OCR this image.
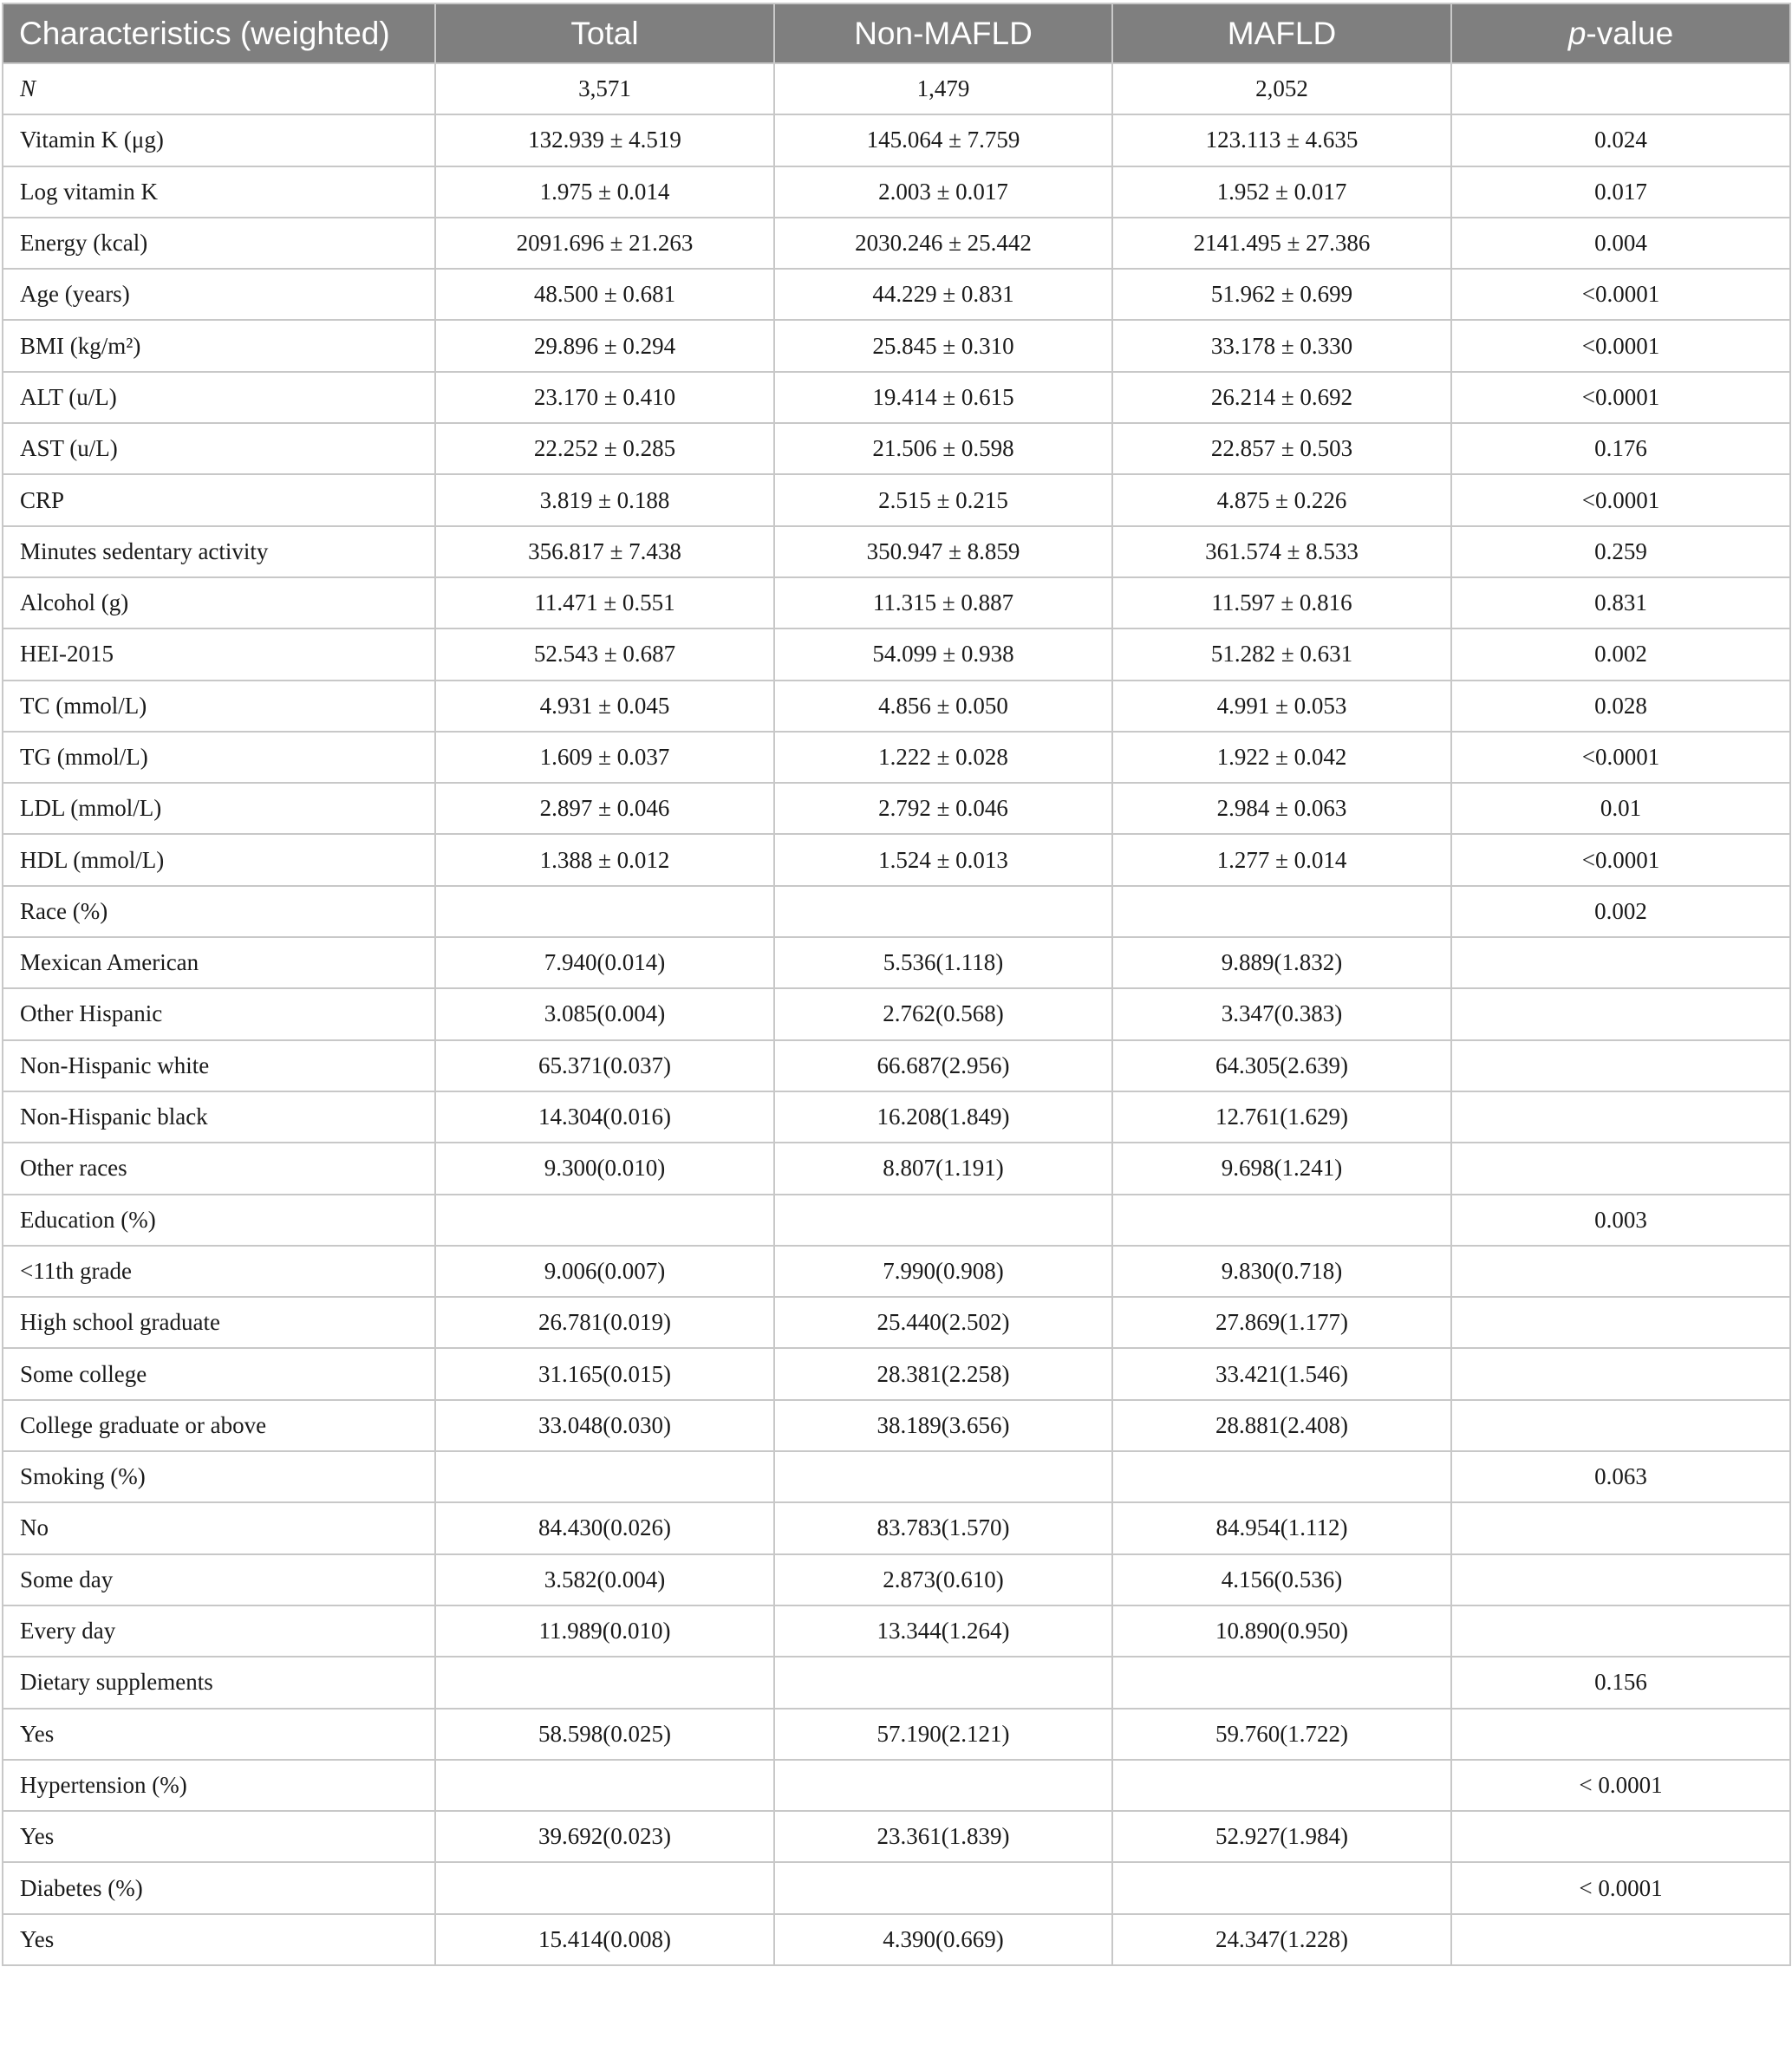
Characteristics (weighted)	Total	Non-MAFLD	MAFLD	p-value
N	3,571	1,479	2,052	
Vitamin K (μg)	132.939 ± 4.519	145.064 ± 7.759	123.113 ± 4.635	0.024
Log vitamin K	1.975 ± 0.014	2.003 ± 0.017	1.952 ± 0.017	0.017
Energy (kcal)	2091.696 ± 21.263	2030.246 ± 25.442	2141.495 ± 27.386	0.004
Age (years)	48.500 ± 0.681	44.229 ± 0.831	51.962 ± 0.699	<0.0001
BMI (kg/m²)	29.896 ± 0.294	25.845 ± 0.310	33.178 ± 0.330	<0.0001
ALT (u/L)	23.170 ± 0.410	19.414 ± 0.615	26.214 ± 0.692	<0.0001
AST (u/L)	22.252 ± 0.285	21.506 ± 0.598	22.857 ± 0.503	0.176
CRP	3.819 ± 0.188	2.515 ± 0.215	4.875 ± 0.226	<0.0001
Minutes sedentary activity	356.817 ± 7.438	350.947 ± 8.859	361.574 ± 8.533	0.259
Alcohol (g)	11.471 ± 0.551	11.315 ± 0.887	11.597 ± 0.816	0.831
HEI-2015	52.543 ± 0.687	54.099 ± 0.938	51.282 ± 0.631	0.002
TC (mmol/L)	4.931 ± 0.045	4.856 ± 0.050	4.991 ± 0.053	0.028
TG (mmol/L)	1.609 ± 0.037	1.222 ± 0.028	1.922 ± 0.042	<0.0001
LDL (mmol/L)	2.897 ± 0.046	2.792 ± 0.046	2.984 ± 0.063	0.01
HDL (mmol/L)	1.388 ± 0.012	1.524 ± 0.013	1.277 ± 0.014	<0.0001
Race (%)				0.002
Mexican American	7.940(0.014)	5.536(1.118)	9.889(1.832)	
Other Hispanic	3.085(0.004)	2.762(0.568)	3.347(0.383)	
Non-Hispanic white	65.371(0.037)	66.687(2.956)	64.305(2.639)	
Non-Hispanic black	14.304(0.016)	16.208(1.849)	12.761(1.629)	
Other races	9.300(0.010)	8.807(1.191)	9.698(1.241)	
Education (%)				0.003
<11th grade	9.006(0.007)	7.990(0.908)	9.830(0.718)	
High school graduate	26.781(0.019)	25.440(2.502)	27.869(1.177)	
Some college	31.165(0.015)	28.381(2.258)	33.421(1.546)	
College graduate or above	33.048(0.030)	38.189(3.656)	28.881(2.408)	
Smoking (%)				0.063
No	84.430(0.026)	83.783(1.570)	84.954(1.112)	
Some day	3.582(0.004)	2.873(0.610)	4.156(0.536)	
Every day	11.989(0.010)	13.344(1.264)	10.890(0.950)	
Dietary supplements				0.156
Yes	58.598(0.025)	57.190(2.121)	59.760(1.722)	
Hypertension (%)				< 0.0001
Yes	39.692(0.023)	23.361(1.839)	52.927(1.984)	
Diabetes (%)				< 0.0001
Yes	15.414(0.008)	4.390(0.669)	24.347(1.228)	
